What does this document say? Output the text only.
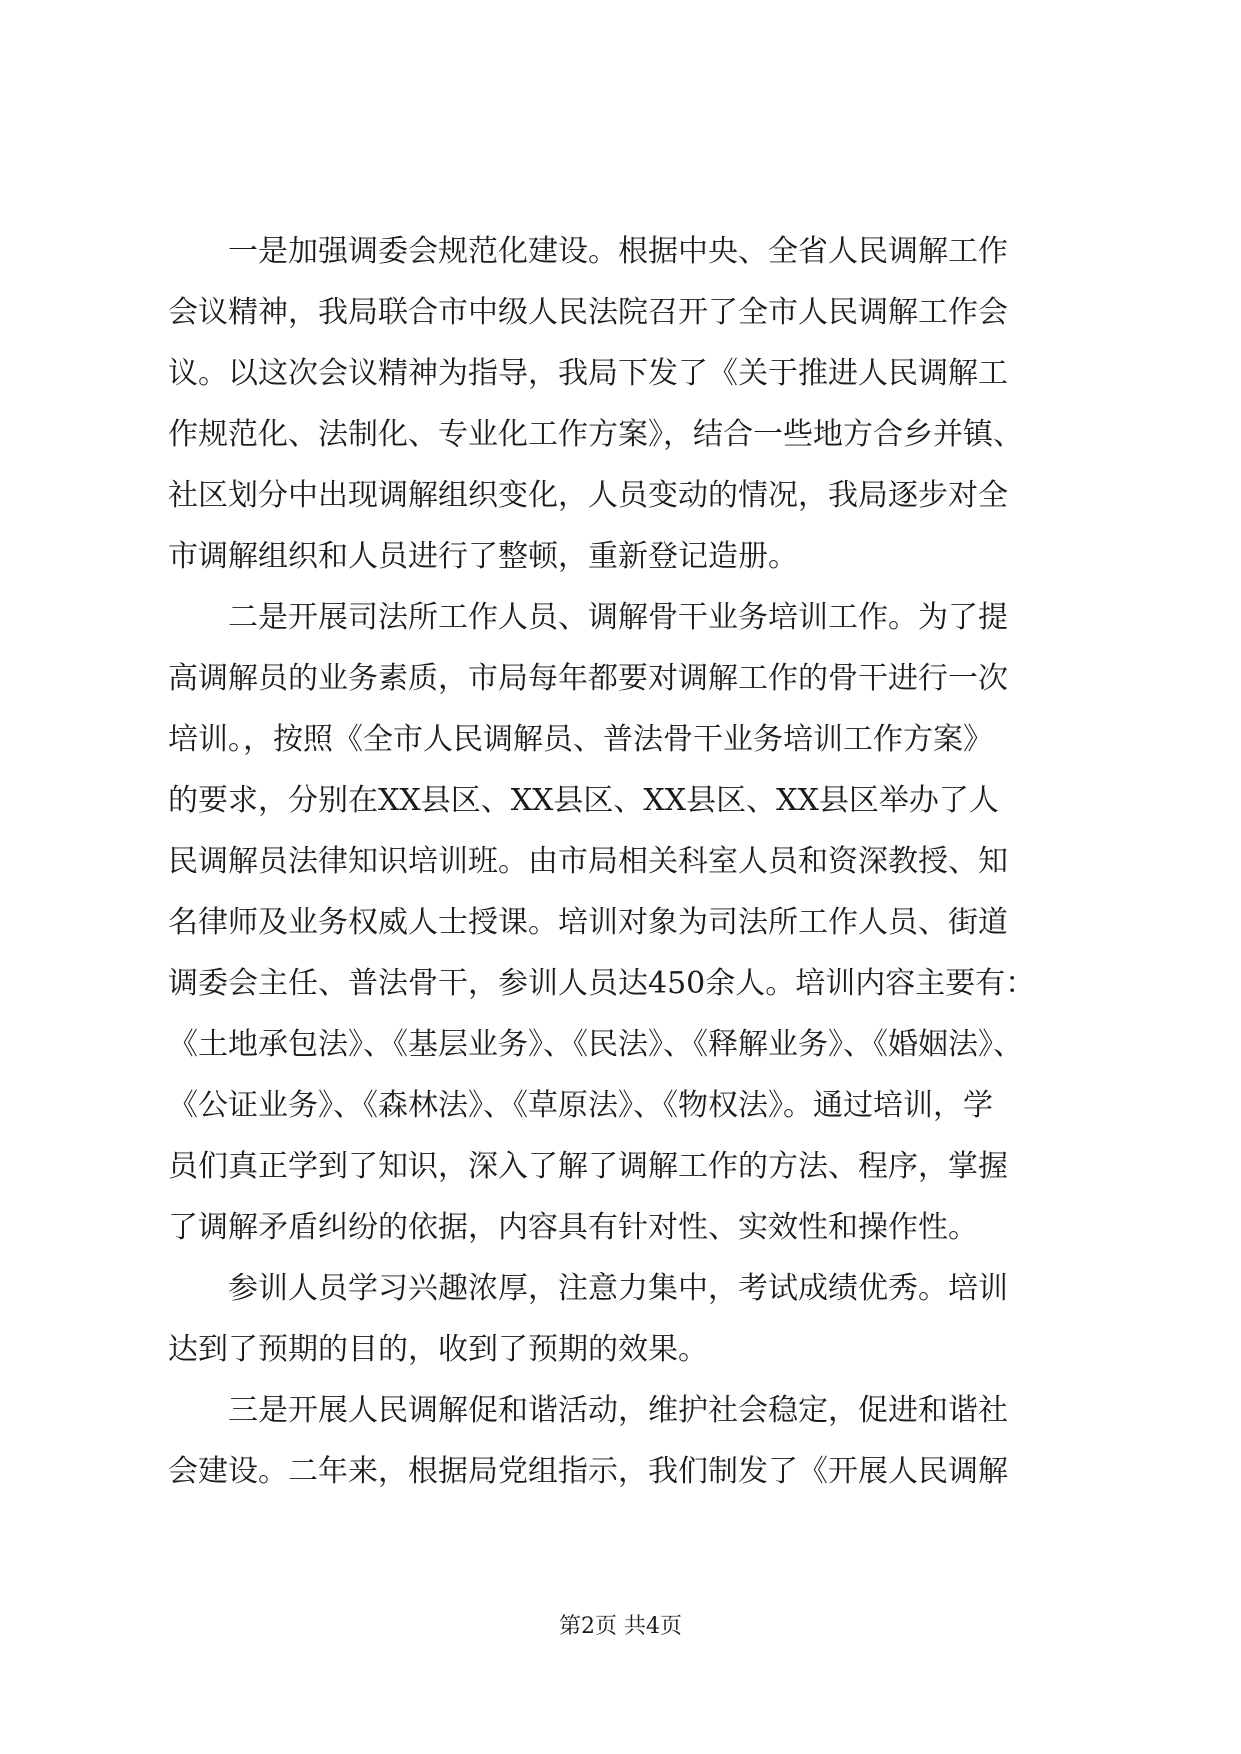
　　一是加强调委会规范化建设。根据中央、全省人民调解工作
会议精神，我局联合市中级人民法院召开了全市人民调解工作会
议。以这次会议精神为指导，我局下发了《关于推进人民调解工
作规范化、法制化、专业化工作方案》，结合一些地方合乡并镇、
社区划分中出现调解组织变化，人员变动的情况，我局逐步对全
市调解组织和人员进行了整顿，重新登记造册。
　　二是开展司法所工作人员、调解骨干业务培训工作。为了提
高调解员的业务素质，市局每年都要对调解工作的骨干进行一次
培训。，按照《全市人民调解员、普法骨干业务培训工作方案》
的要求，分别在XX县区、XX县区、XX县区、XX县区举办了人
民调解员法律知识培训班。由市局相关科室人员和资深教授、知
名律师及业务权威人士授课。培训对象为司法所工作人员、街道
调委会主任、普法骨干，参训人员达450余人。培训内容主要有：
《土地承包法》、《基层业务》、《民法》、《释解业务》、《婚姻法》、
《公证业务》、《森林法》、《草原法》、《物权法》。通过培训，学
员们真正学到了知识，深入了解了调解工作的方法、程序，掌握
了调解矛盾纠纷的依据，内容具有针对性、实效性和操作性。
　　参训人员学习兴趣浓厚，注意力集中，考试成绩优秀。培训
达到了预期的目的，收到了预期的效果。
　　三是开展人民调解促和谐活动，维护社会稳定，促进和谐社
会建设。二年来，根据局党组指示，我们制发了《开展人民调解
第2页 共4页
